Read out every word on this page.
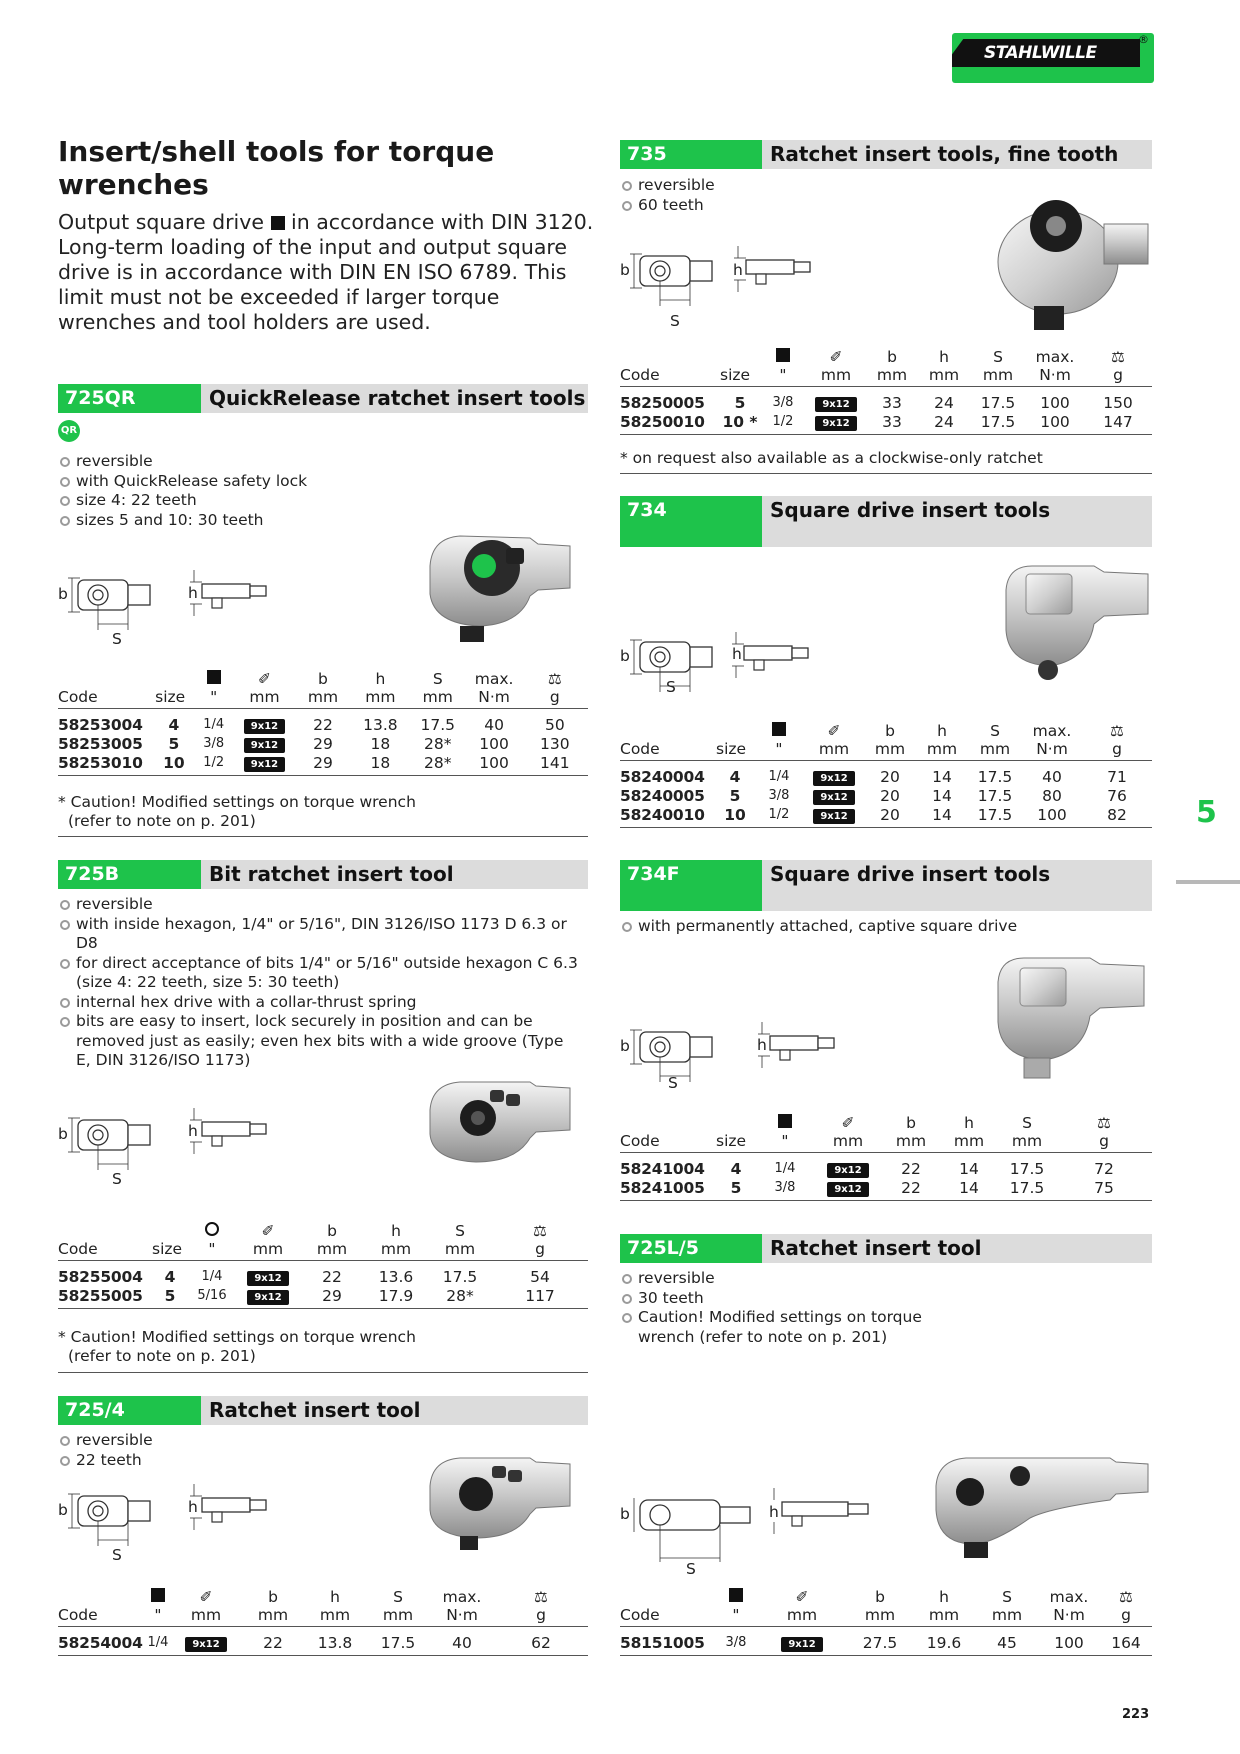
STAHLWILLE
®
Insert/shell tools for torque wrenches
Output square drive in accordance with DIN 3120. Long-term loading of the input and output square drive is in accordance with DIN EN ISO 6789. This limit must not be exceeded if larger torque wrenches and tool holders are used.
725QR	QuickRelease ratchet insert tools
QR
reversible
with QuickRelease safety lock
size 4: 22 teeth
sizes 5 and 10: 30 teeth
b
S
h
			✐	b	h	S	max.	⚖
Code	size	"	mm	mm	mm	mm	N·m	g
58253004	4	1/4	9x12	22	13.8	17.5	40	50
58253005	5	3/8	9x12	29	18	28*	100	130
58253010	10	1/2	9x12	29	18	28*	100	141
* Caution! Modified settings on torque wrench
(refer to note on p. 201)
725B	Bit ratchet insert tool
reversible
with inside hexagon, 1/4" or 5/16", DIN 3126/ISO 1173 D 6.3 or D8
for direct acceptance of bits 1/4" or 5/16" outside hexagon C 6.3 (size 4: 22 teeth, size 5: 30 teeth)
internal hex drive with a collar-thrust spring
bits are easy to insert, lock securely in position and can be removed just as easily; even hex bits with a wide groove (Type E, DIN 3126/ISO 1173)
b
S
h
			✐	b	h	S	⚖
Code	size	"	mm	mm	mm	mm	g
58255004	4	1/4	9x12	22	13.6	17.5	54
58255005	5	5/16	9x12	29	17.9	28*	117
* Caution! Modified settings on torque wrench
(refer to note on p. 201)
725/4	Ratchet insert tool
reversible
22 teeth
b
S
h
		✐	b	h	S	max.	⚖
Code	"	mm	mm	mm	mm	N·m	g
58254004	1/4	9x12	22	13.8	17.5	40	62
735	Ratchet insert tools, fine tooth
reversible
60 teeth
b
S
h
			✐	b	h	S	max.	⚖
Code	size	"	mm	mm	mm	mm	N·m	g
58250005	5	3/8	9x12	33	24	17.5	100	150
58250010	10 *	1/2	9x12	33	24	17.5	100	147
* on request also available as a clockwise-only ratchet
734	Square drive insert tools
b
S
h
			✐	b	h	S	max.	⚖
Code	size	"	mm	mm	mm	mm	N·m	g
58240004	4	1/4	9x12	20	14	17.5	40	71
58240005	5	3/8	9x12	20	14	17.5	80	76
58240010	10	1/2	9x12	20	14	17.5	100	82
734F	Square drive insert tools
with permanently attached, captive square drive
b
S
h
			✐	b	h	S	⚖
Code	size	"	mm	mm	mm	mm	g
58241004	4	1/4	9x12	22	14	17.5	72
58241005	5	3/8	9x12	22	14	17.5	75
725L/5	Ratchet insert tool
reversible
30 teeth
Caution! Modified settings on torque wrench (refer to note on p. 201)
b
S
h
		✐	b	h	S	max.	⚖
Code	"	mm	mm	mm	mm	N·m	g
58151005	3/8	9x12	27.5	19.6	45	100	164
5
223
